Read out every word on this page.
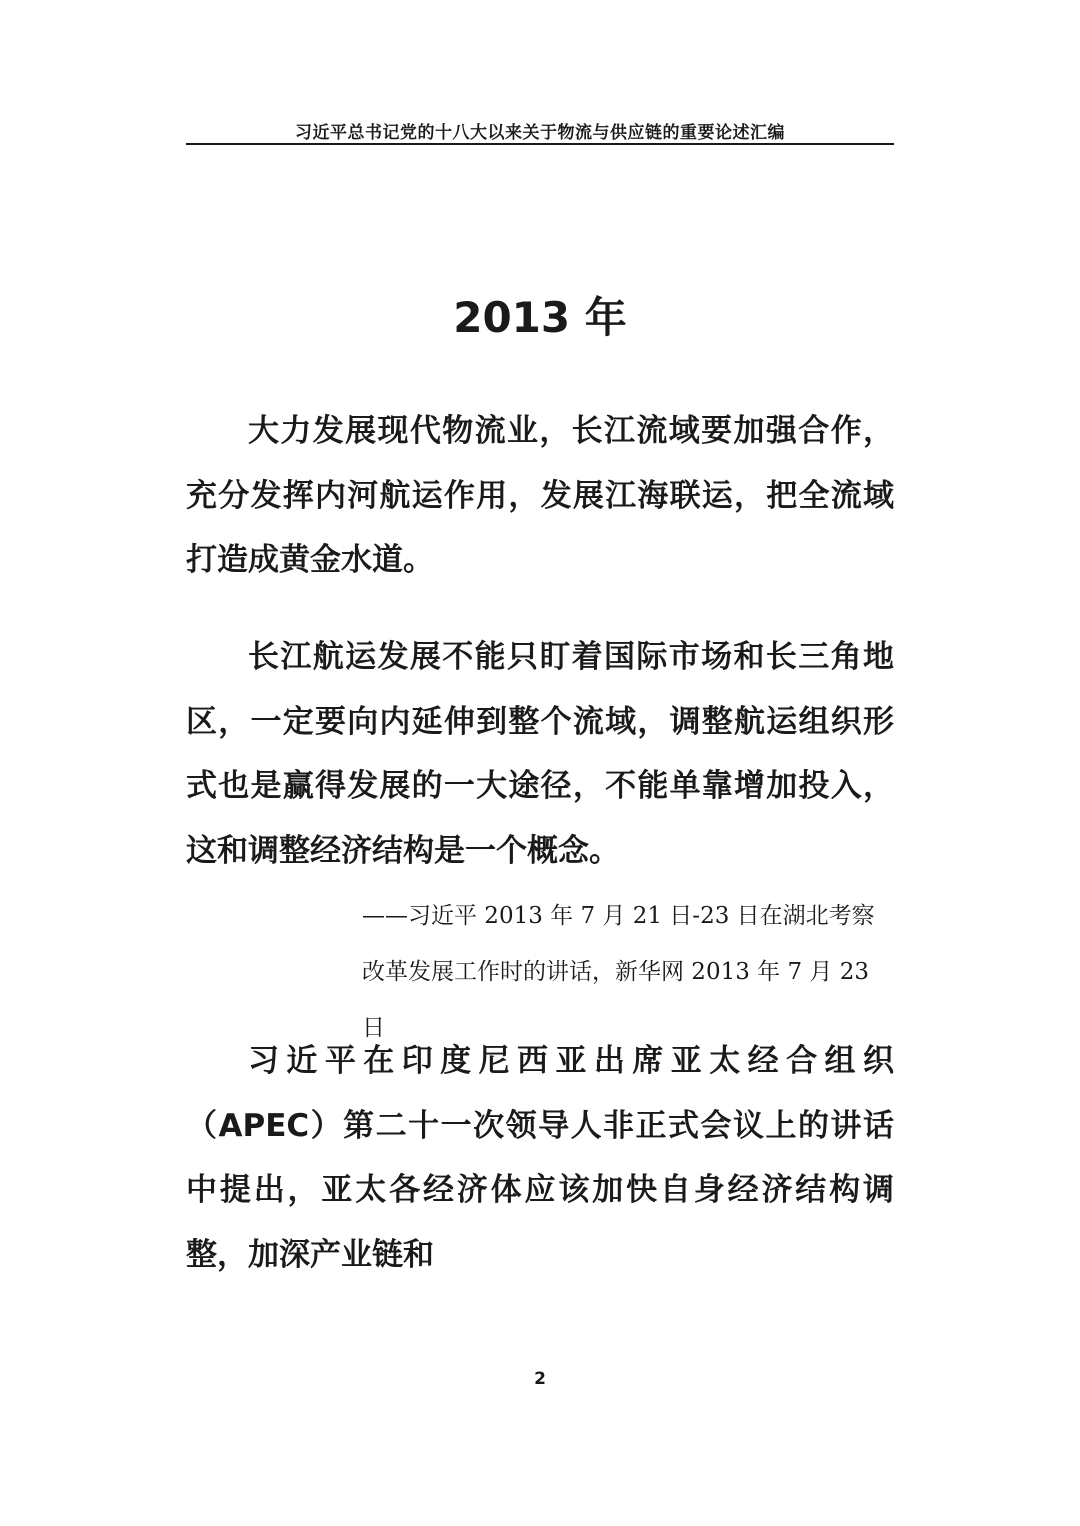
习近平总书记党的十八大以来关于物流与供应链的重要论述汇编
2013 年

大力发展现代物流业，长江流域要加强合作，充分发挥内河航运作用，发展江海联运，把全流域打造成黄金水道。

长江航运发展不能只盯着国际市场和长三角地区，一定要向内延伸到整个流域，调整航运组织形式也是赢得发展的一大途径，不能单靠增加投入，这和调整经济结构是一个概念。

——习近平 2013 年 7 月 21 日-23 日在湖北考察改革发展工作时的讲话，新华网 2013 年 7 月 23 日

习近平在印度尼西亚出席亚太经合组织（APEC）第二十一次领导人非正式会议上的讲话中提出，亚太各经济体应该加快自身经济结构调整，加深产业链和

2
